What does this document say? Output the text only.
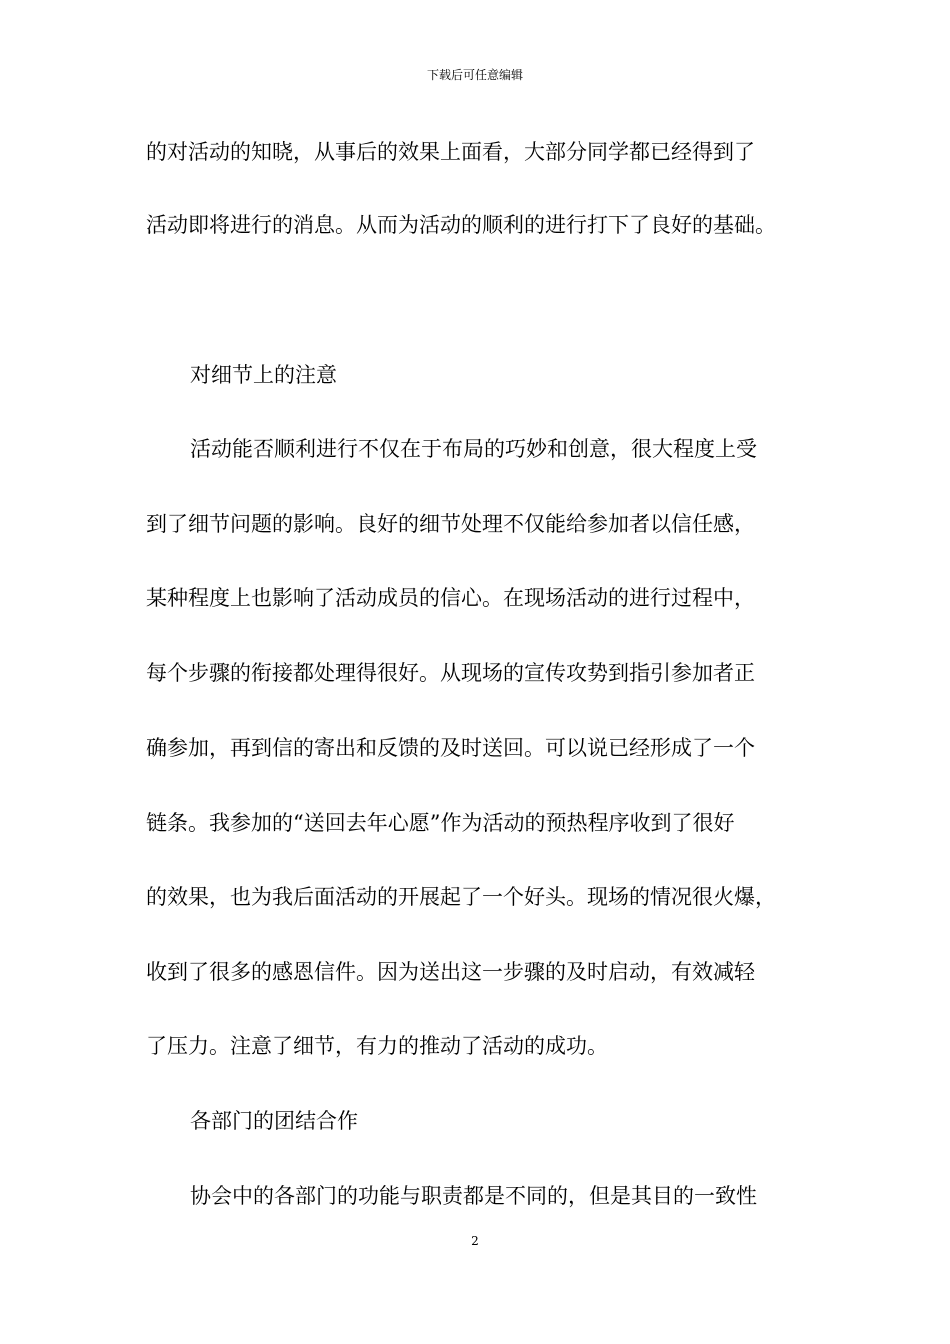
下载后可任意编辑
的对活动的知晓，从事后的效果上面看，大部分同学都已经得到了
活动即将进行的消息。从而为活动的顺利的进行打下了良好的基础。
对细节上的注意
活动能否顺利进行不仅在于布局的巧妙和创意，很大程度上受
到了细节问题的影响。良好的细节处理不仅能给参加者以信任感，
某种程度上也影响了活动成员的信心。在现场活动的进行过程中，
每个步骤的衔接都处理得很好。从现场的宣传攻势到指引参加者正
确参加，再到信的寄出和反馈的及时送回。可以说已经形成了一个
链条。我参加的“送回去年心愿”作为活动的预热程序收到了很好
的效果，也为我后面活动的开展起了一个好头。现场的情况很火爆，
收到了很多的感恩信件。因为送出这一步骤的及时启动，有效减轻
了压力。注意了细节，有力的推动了活动的成功。
各部门的团结合作
协会中的各部门的功能与职责都是不同的，但是其目的一致性
2
